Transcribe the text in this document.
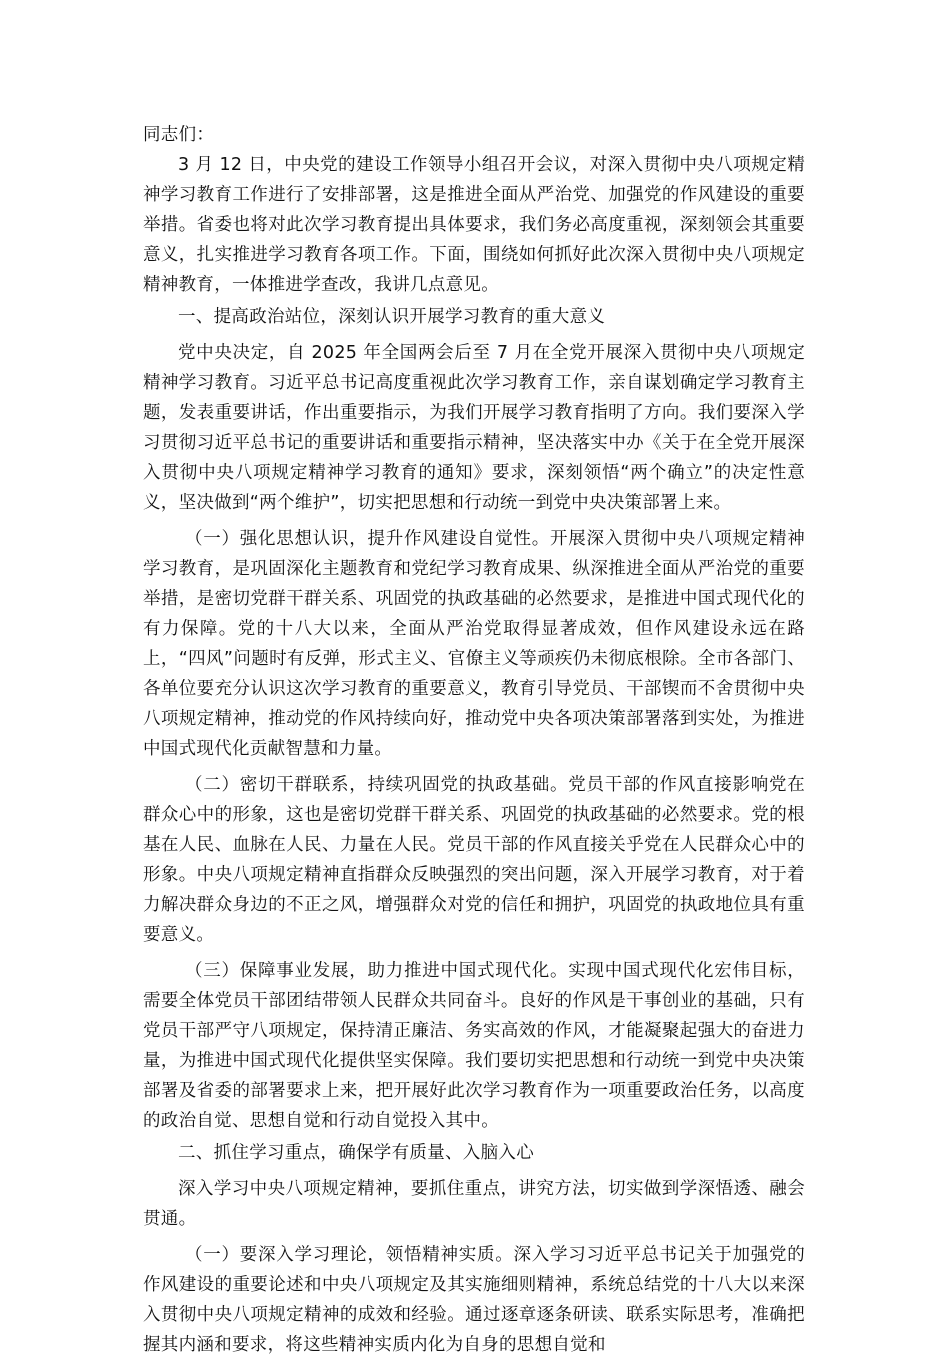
同志们：

3 月 12 日，中央党的建设工作领导小组召开会议，对深入贯彻中央八项规定精神学习教育工作进行了安排部署，这是推进全面从严治党、加强党的作风建设的重要举措。省委也将对此次学习教育提出具体要求，我们务必高度重视，深刻领会其重要意义，扎实推进学习教育各项工作。下面，围绕如何抓好此次深入贯彻中央八项规定精神教育，一体推进学查改，我讲几点意见。

一、提高政治站位，深刻认识开展学习教育的重大意义

党中央决定，自 2025 年全国两会后至 7 月在全党开展深入贯彻中央八项规定精神学习教育。习近平总书记高度重视此次学习教育工作，亲自谋划确定学习教育主题，发表重要讲话，作出重要指示，为我们开展学习教育指明了方向。我们要深入学习贯彻习近平总书记的重要讲话和重要指示精神，坚决落实中办《关于在全党开展深入贯彻中央八项规定精神学习教育的通知》要求，深刻领悟“两个确立”的决定性意义，坚决做到“两个维护”，切实把思想和行动统一到党中央决策部署上来。

（一）强化思想认识，提升作风建设自觉性。开展深入贯彻中央八项规定精神学习教育，是巩固深化主题教育和党纪学习教育成果、纵深推进全面从严治党的重要举措，是密切党群干群关系、巩固党的执政基础的必然要求，是推进中国式现代化的有力保障。党的十八大以来，全面从严治党取得显著成效，但作风建设永远在路上，“四风”问题时有反弹，形式主义、官僚主义等顽疾仍未彻底根除。全市各部门、各单位要充分认识这次学习教育的重要意义，教育引导党员、干部锲而不舍贯彻中央八项规定精神，推动党的作风持续向好，推动党中央各项决策部署落到实处，为推进中国式现代化贡献智慧和力量。

（二）密切干群联系，持续巩固党的执政基础。党员干部的作风直接影响党在群众心中的形象，这也是密切党群干群关系、巩固党的执政基础的必然要求。党的根基在人民、血脉在人民、力量在人民。党员干部的作风直接关乎党在人民群众心中的形象。中央八项规定精神直指群众反映强烈的突出问题，深入开展学习教育，对于着力解决群众身边的不正之风，增强群众对党的信任和拥护，巩固党的执政地位具有重要意义。

（三）保障事业发展，助力推进中国式现代化。实现中国式现代化宏伟目标，需要全体党员干部团结带领人民群众共同奋斗。良好的作风是干事创业的基础，只有党员干部严守八项规定，保持清正廉洁、务实高效的作风，才能凝聚起强大的奋进力量，为推进中国式现代化提供坚实保障。我们要切实把思想和行动统一到党中央决策部署及省委的部署要求上来，把开展好此次学习教育作为一项重要政治任务，以高度的政治自觉、思想自觉和行动自觉投入其中。

二、抓住学习重点，确保学有质量、入脑入心

深入学习中央八项规定精神，要抓住重点，讲究方法，切实做到学深悟透、融会贯通。

（一）要深入学习理论，领悟精神实质。深入学习习近平总书记关于加强党的作风建设的重要论述和中央八项规定及其实施细则精神，系统总结党的十八大以来深入贯彻中央八项规定精神的成效和经验。通过逐章逐条研读、联系实际思考，准确把握其内涵和要求，将这些精神实质内化为自身的思想自觉和
